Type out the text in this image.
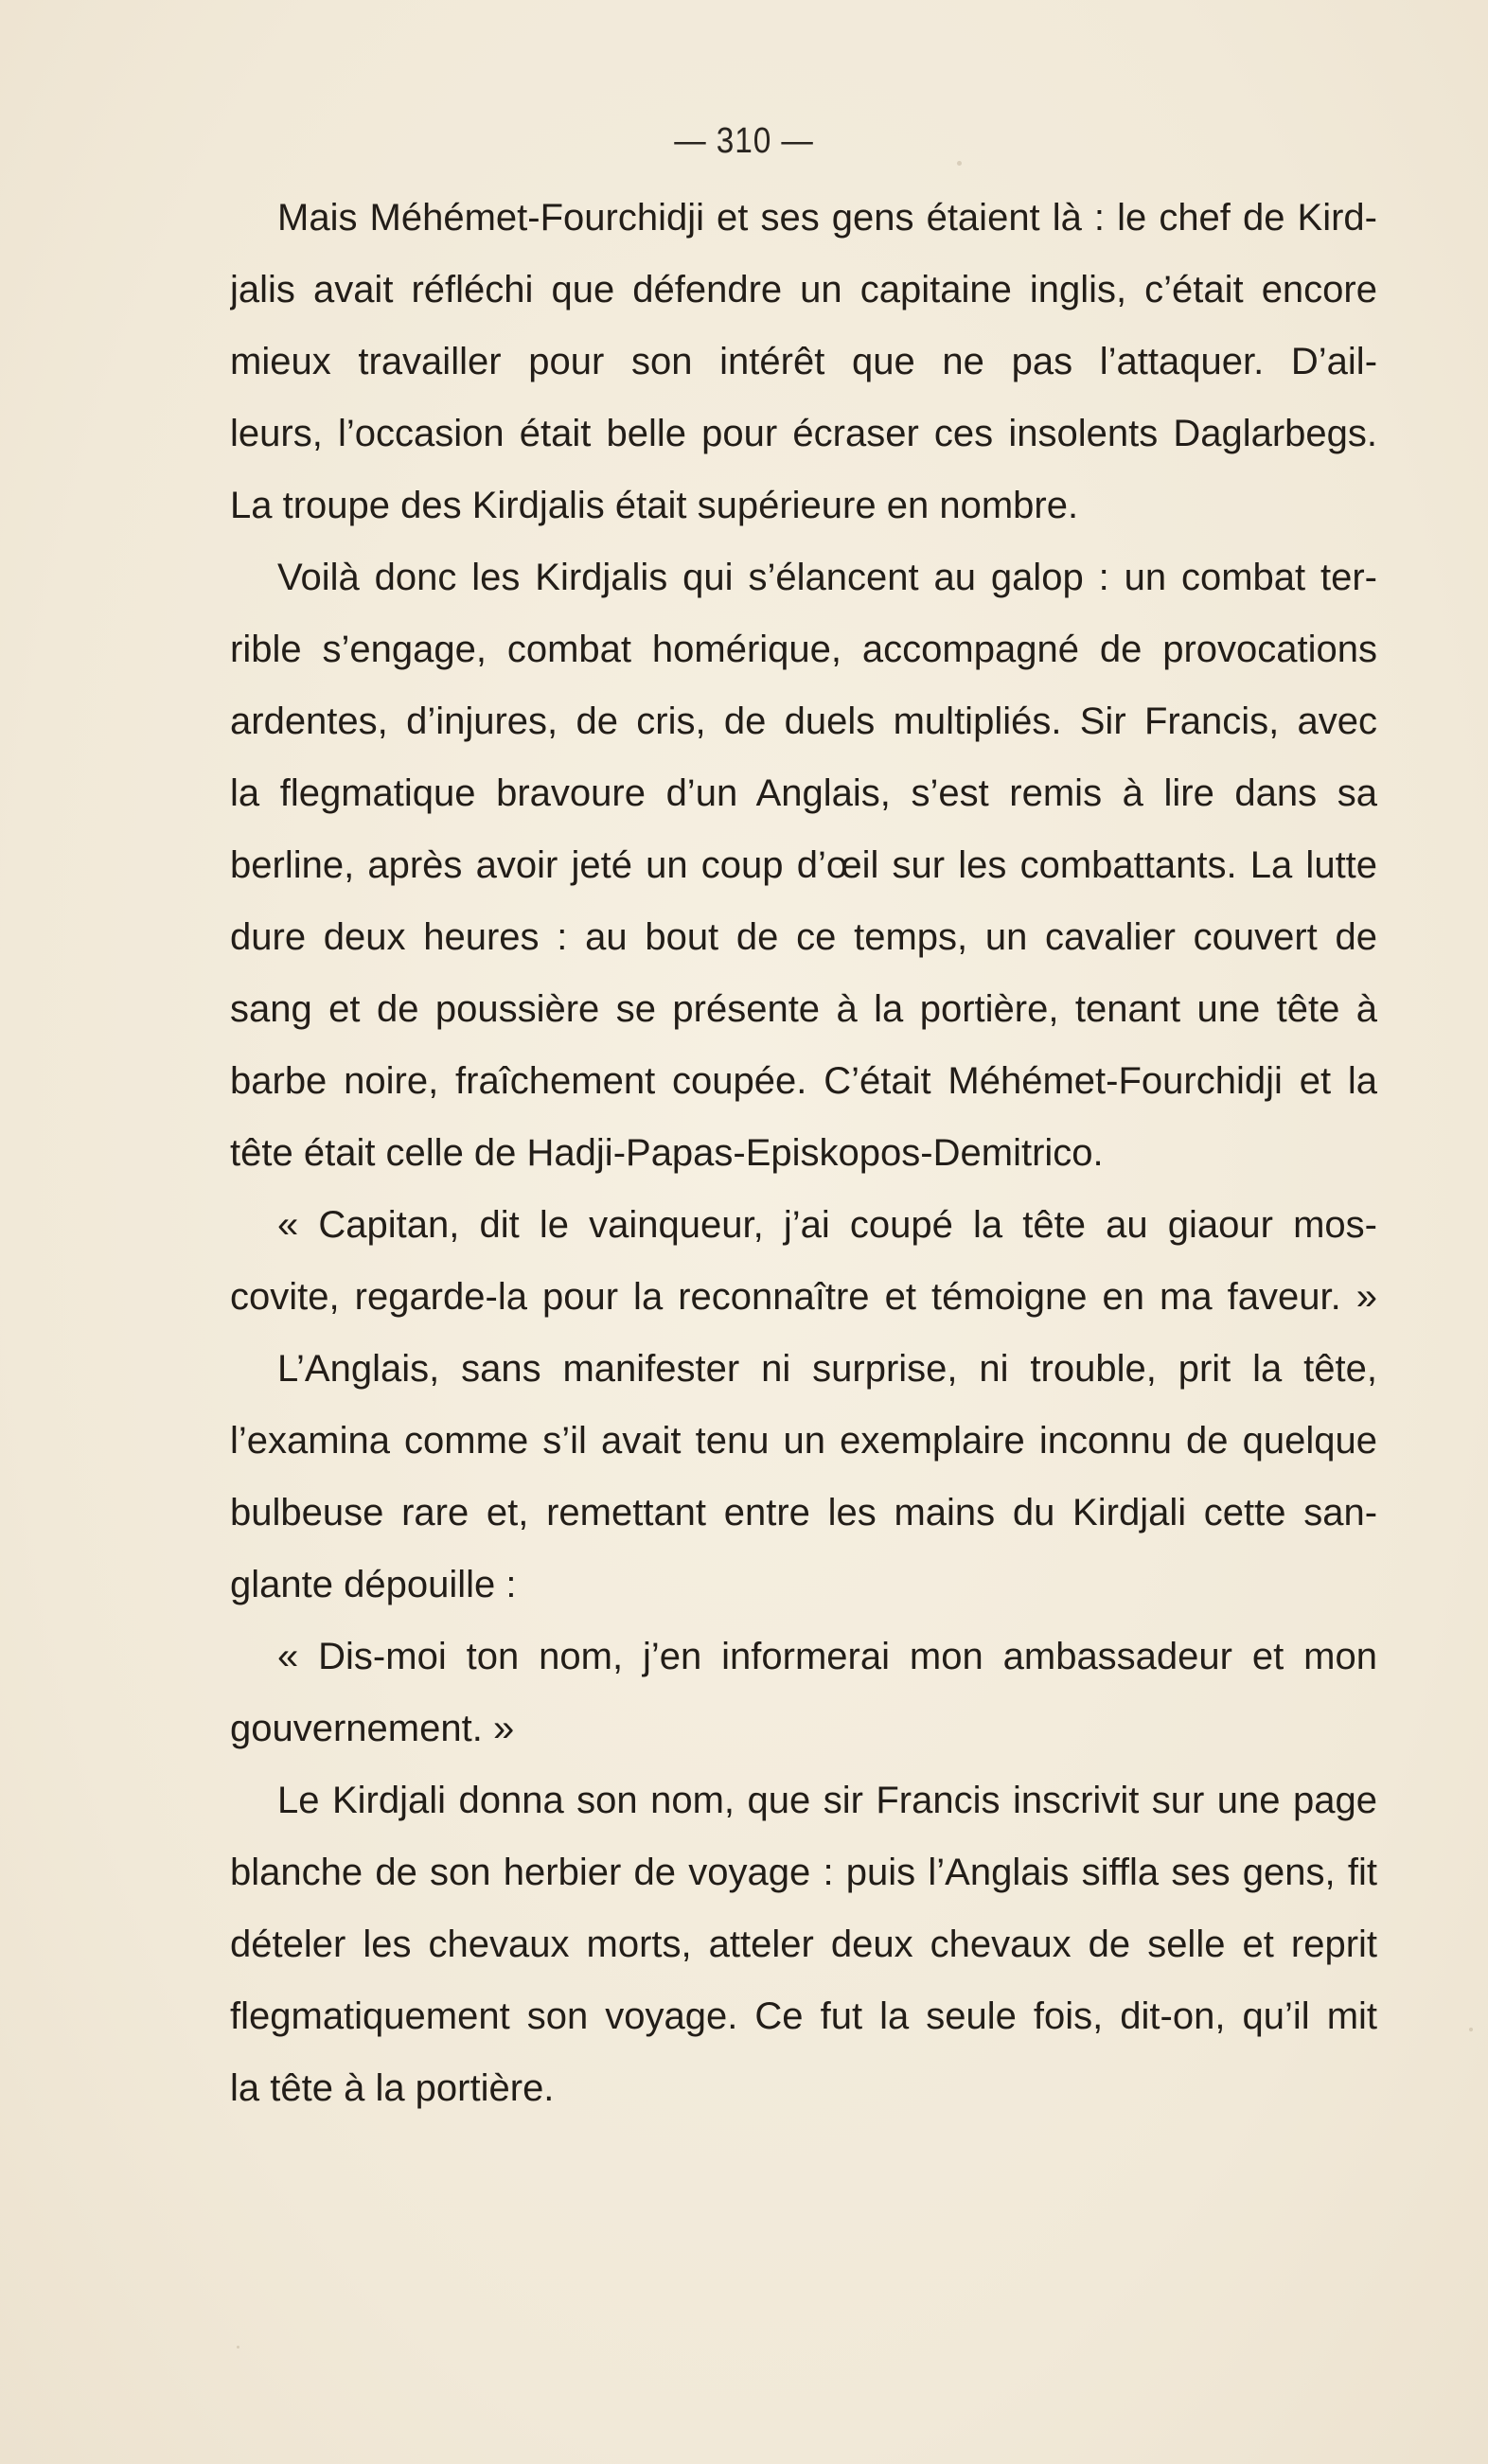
— 310 —
Mais Méhémet-Fourchidji et ses gens étaient là : le chef de Kird-
jalis avait réfléchi que défendre un capitaine inglis, c’était encore
mieux travailler pour son intérêt que ne pas l’attaquer. D’ail-
leurs, l’occasion était belle pour écraser ces insolents Daglarbegs.
La troupe des Kirdjalis était supérieure en nombre.
Voilà donc les Kirdjalis qui s’élancent au galop : un combat ter-
rible s’engage, combat homérique, accompagné de provocations
ardentes, d’injures, de cris, de duels multipliés. Sir Francis, avec
la flegmatique bravoure d’un Anglais, s’est remis à lire dans sa
berline, après avoir jeté un coup d’œil sur les combattants. La lutte
dure deux heures : au bout de ce temps, un cavalier couvert de
sang et de poussière se présente à la portière, tenant une tête à
barbe noire, fraîchement coupée. C’était Méhémet-Fourchidji et la
tête était celle de Hadji-Papas-Episkopos-Demitrico.
« Capitan, dit le vainqueur, j’ai coupé la tête au giaour mos-
covite, regarde-la pour la reconnaître et témoigne en ma faveur. »
L’Anglais, sans manifester ni surprise, ni trouble, prit la tête,
l’examina comme s’il avait tenu un exemplaire inconnu de quelque
bulbeuse rare et, remettant entre les mains du Kirdjali cette san-
glante dépouille :
« Dis-moi ton nom, j’en informerai mon ambassadeur et mon
gouvernement. »
Le Kirdjali donna son nom, que sir Francis inscrivit sur une page
blanche de son herbier de voyage : puis l’Anglais siffla ses gens, fit
dételer les chevaux morts, atteler deux chevaux de selle et reprit
flegmatiquement son voyage. Ce fut la seule fois, dit-on, qu’il mit
la tête à la portière.
